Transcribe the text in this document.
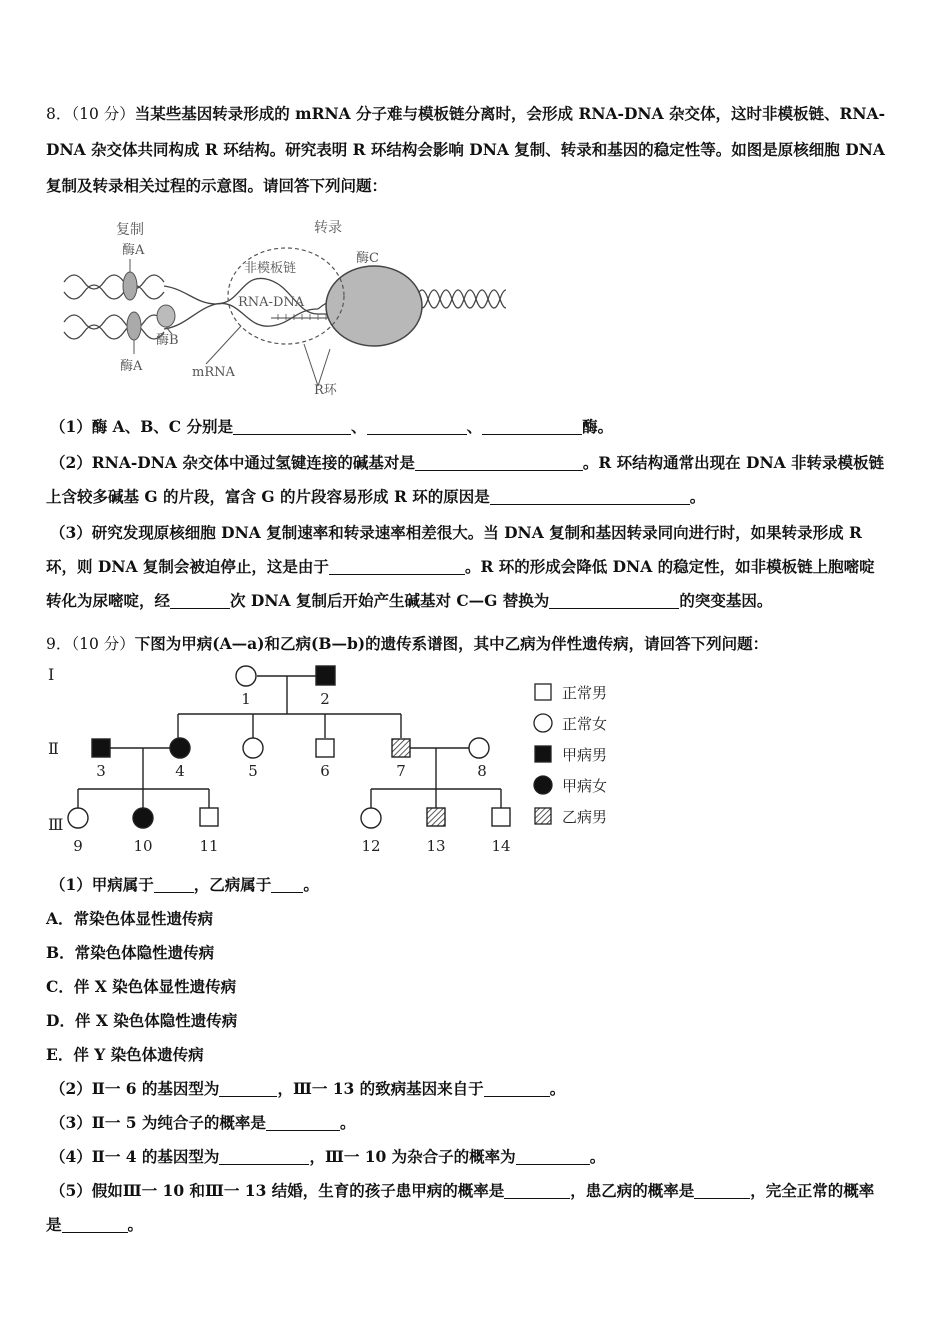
8．（10 分）当某些基因转录形成的 mRNA 分子难与模板链分离时，会形成 RNA-DNA 杂交体，这时非模板链、RNA-

DNA 杂交体共同构成 R 环结构。研究表明 R 环结构会影响 DNA 复制、转录和基因的稳定性等。如图是原核细胞 DNA

复制及转录相关过程的示意图。请回答下列问题：

复制	转录
酶A
酶A
酶B
酶C
非模板链
RNA-DNA
mRNA
R环

（1）酶 A、B、C 分别是	、	、	酶。

（2）RNA-DNA 杂交体中通过氢键连接的碱基对是	。R 环结构通常出现在 DNA 非转录模板链

上含较多碱基 G 的片段，富含 G 的片段容易形成 R 环的原因是	。

（3）研究发现原核细胞 DNA 复制速率和转录速率相差很大。当 DNA 复制和基因转录同向进行时，如果转录形成 R

环，则 DNA 复制会被迫停止，这是由于	。R 环的形成会降低 DNA 的稳定性，如非模板链上胞嘧啶

转化为尿嘧啶，经	次 DNA 复制后开始产生碱基对 C—G 替换为	的突变基因。

9．（10 分）下图为甲病(A—a)和乙病(B—b)的遗传系谱图，其中乙病为伴性遗传病，请回答下列问题：

Ⅰ
Ⅱ
Ⅲ
1	2
3	4	5	6	7	8
9	10	11	12	13	14
正常男
正常女
甲病男
甲病女
乙病男

（1）甲病属于	，乙病属于 。

A．常染色体显性遗传病

B．常染色体隐性遗传病

C．伴 X 染色体显性遗传病

D．伴 X 染色体隐性遗传病

E．伴 Y 染色体遗传病

（2）Ⅱ一 6 的基因型为	，Ⅲ一 13 的致病基因来自于	。

（3）Ⅱ一 5 为纯合子的概率是	。

（4）Ⅱ一 4 的基因型为	，Ⅲ一 10 为杂合子的概率为	。

（5）假如Ⅲ一 10 和Ⅲ一 13 结婚，生育的孩子患甲病的概率是	，患乙病的概率是	，完全正常的概率

是	。
